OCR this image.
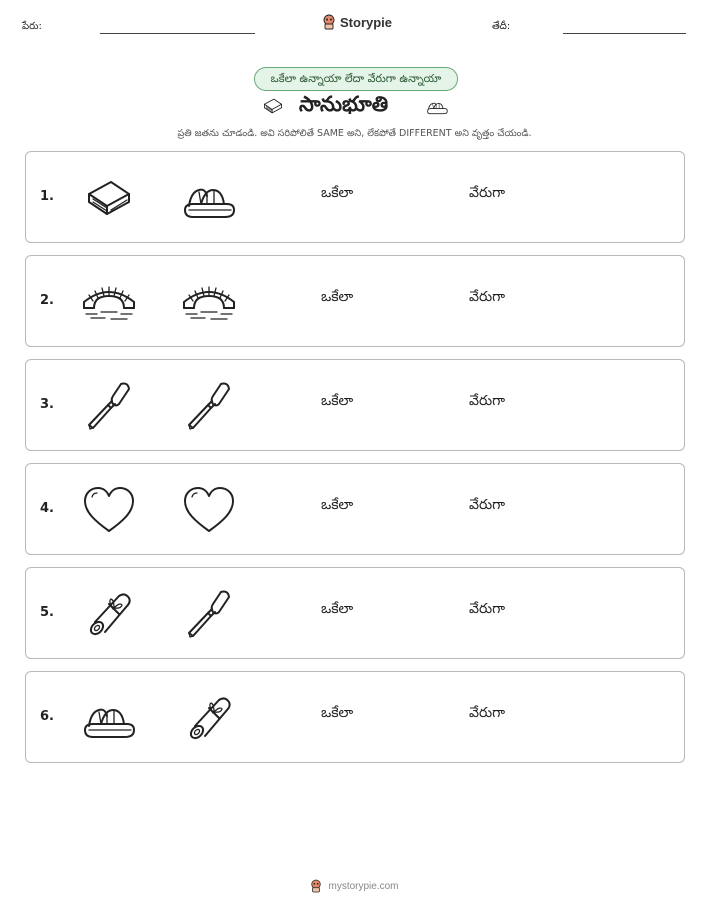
పేరు:	Storypie	తేదీ:
ఒకేలా ఉన్నాయా లేదా వేరుగా ఉన్నాయా
సానుభూతి
ప్రతి జతను చూడండి. అవి సరిపోలితే SAME అని, లేకపోతే DIFFERENT అని వృత్తం చేయండి.
1.	ఒకేలా	వేరుగా
2.	ఒకేలా	వేరుగా
3.	ఒకేలా	వేరుగా
4.	ఒకేలా	వేరుగా
5.	ఒకేలా	వేరుగా
6.	ఒకేలా	వేరుగా
mystorypie.com
